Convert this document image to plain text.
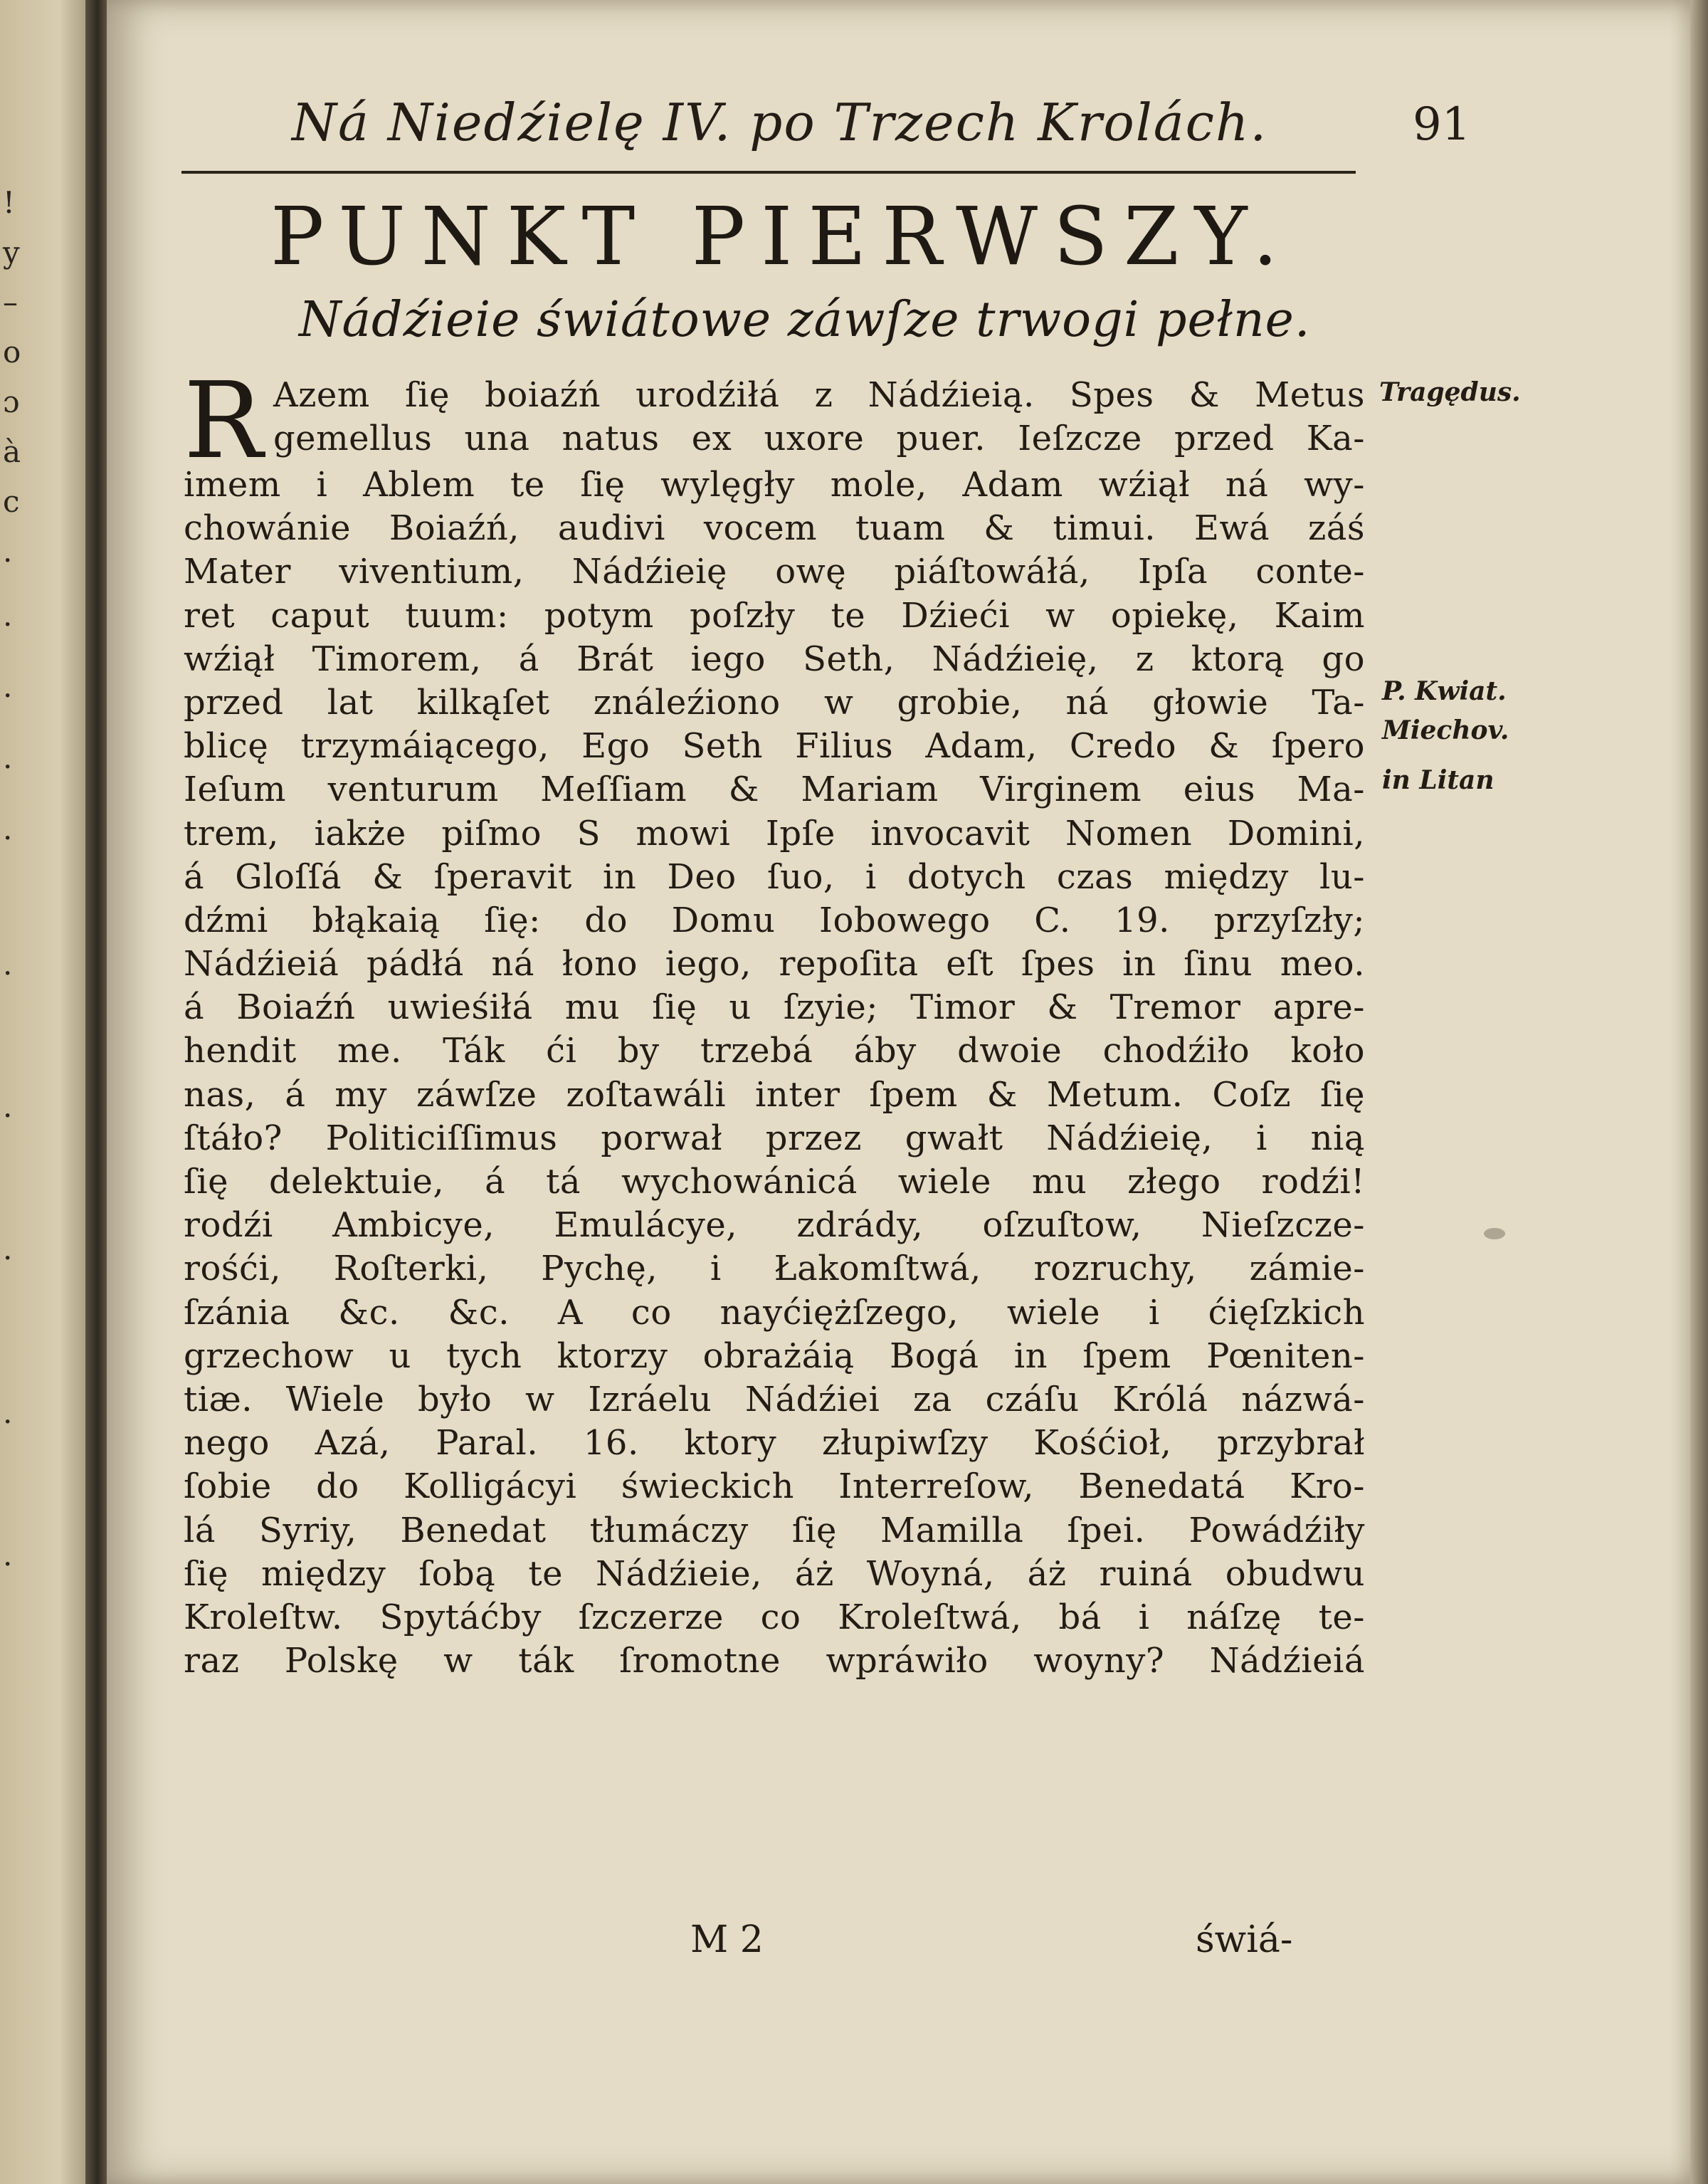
!
y
–
o
ɔ
à
c
.
.
.
.
.
.
.
.
.
.
Ná Niedźielę IV. po Trzech Krolách.	91
PUNKT PIERWSZY.
Nádźieie świátowe záwſze trwogi pełne.
R Azem ſię boiaźń urodźiłá z Nádźieią. Spes & Metus
gemellus una natus ex uxore puer. Ieſzcze przed Ka-
imem i Ablem te ſię wylęgły mole, Adam wźiął ná wy-
chowánie Boiaźń, audivi vocem tuam & timui. Ewá záś
Mater viventium, Nádźieię owę piáſtowáłá, Ipſa conte-
ret caput tuum: potym poſzły te Dźieći w opiekę, Kaim
wźiął Timorem, á Brát iego Seth, Nádźieię, z ktorą go
przed lat kilkąſet ználeźiono w grobie, ná głowie Ta-
blicę trzymáiącego, Ego Seth Filius Adam, Credo & ſpero
Ieſum venturum Meſſiam & Mariam Virginem eius Ma-
trem, iakże piſmo S mowi Ipſe invocavit Nomen Domini,
á Gloſſá & ſperavit in Deo ſuo, i dotych czas między lu-
dźmi błąkaią ſię: do Domu Iobowego C. 19. przyſzły;
Nádźieiá pádłá ná łono iego, repoſita eſt ſpes in ſinu meo.
á Boiaźń uwieśiłá mu ſię u ſzyie; Timor & Tremor apre-
hendit me. Ták ći by trzebá áby dwoie chodźiło koło
nas, á my záwſze zoſtawáli inter ſpem & Metum. Coſz ſię
ſtáło? Politiciſſimus porwał przez gwałt Nádźieię, i nią
ſię delektuie, á tá wychowánicá wiele mu złego rodźi!
rodźi Ambicye, Emulácye, zdrády, oſzuſtow, Nieſzcze-
rośći, Roſterki, Pychę, i Łakomſtwá, rozruchy, zámie-
ſzánia &c. &c. A co nayćiężſzego, wiele i ćięſzkich
grzechow u tych ktorzy obrażáią Bogá in ſpem Pœniten-
tiæ. Wiele było w Izráelu Nádźiei za czáſu Królá názwá-
nego Azá, Paral. 16. ktory złupiwſzy Kośćioł, przybrał
ſobie do Kolligácyi świeckich Interreſow, Benedatá Kro-
lá Syriy, Benedat tłumáczy ſię Mamilla ſpei. Powádźiły
ſię między ſobą te Nádźieie, áż Woyná, áż ruiná obudwu
Kroleſtw. Spytáćby ſzczerze co Kroleſtwá, bá i náſzę te-
raz Polskę w ták ſromotne wpráwiło woyny? Nádźieiá
Tragędus.
P. Kwiat.
Miechov.
in Litan
M 2	świá-
